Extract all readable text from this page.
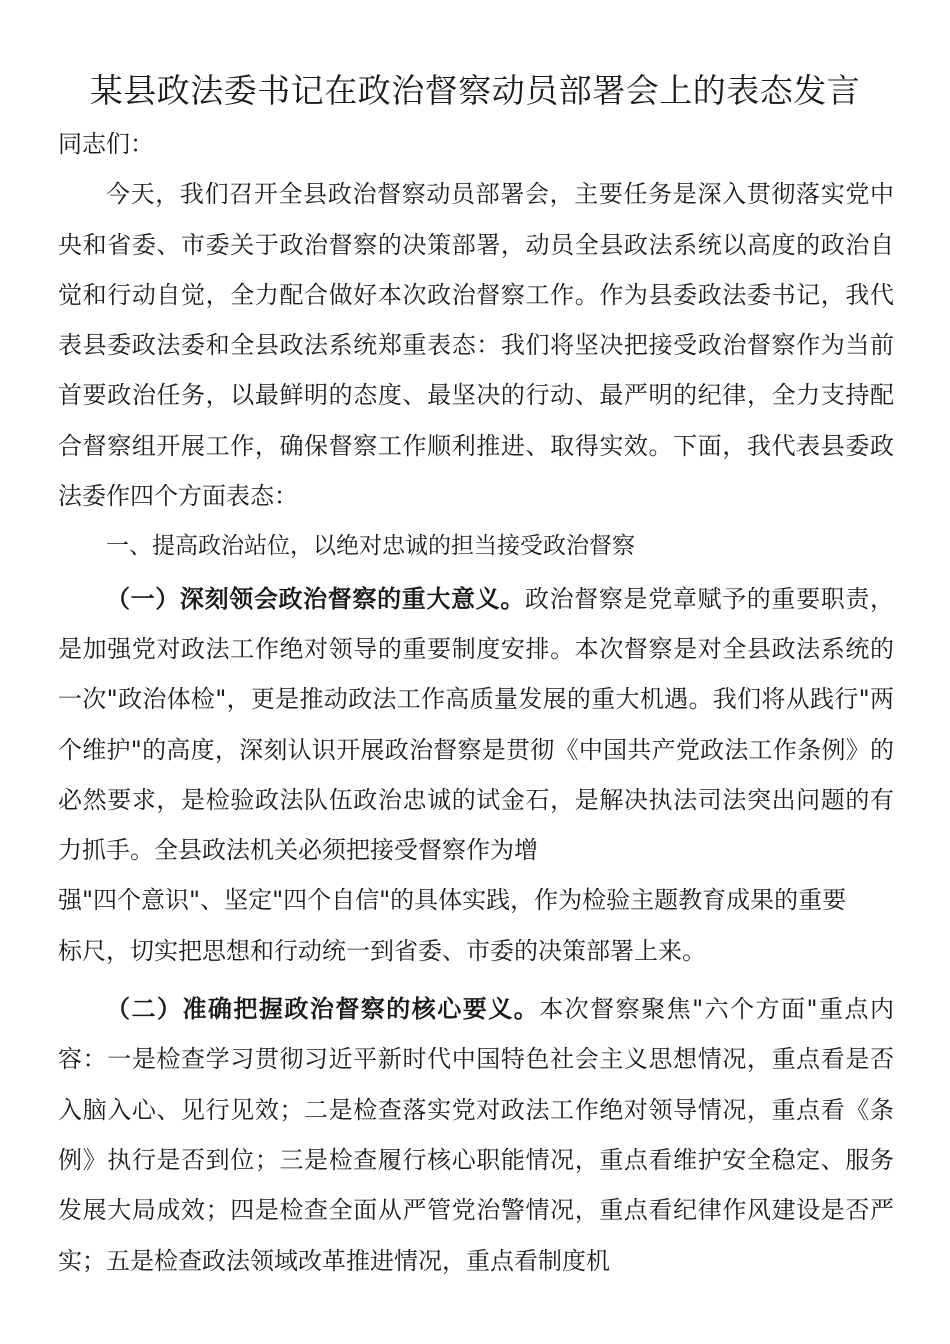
某县政法委书记在政治督察动员部署会上的表态发言

同志们：

今天，我们召开全县政治督察动员部署会，主要任务是深入贯彻落实党中央和省委、市委关于政治督察的决策部署，动员全县政法系统以高度的政治自觉和行动自觉，全力配合做好本次政治督察工作。作为县委政法委书记，我代表县委政法委和全县政法系统郑重表态：我们将坚决把接受政治督察作为当前首要政治任务，以最鲜明的态度、最坚决的行动、最严明的纪律，全力支持配合督察组开展工作，确保督察工作顺利推进、取得实效。下面，我代表县委政法委作四个方面表态：

一、提高政治站位，以绝对忠诚的担当接受政治督察

（一）深刻领会政治督察的重大意义。政治督察是党章赋予的重要职责，是加强党对政法工作绝对领导的重要制度安排。本次督察是对全县政法系统的一次"政治体检"，更是推动政法工作高质量发展的重大机遇。我们将从践行"两个维护"的高度，深刻认识开展政治督察是贯彻《中国共产党政法工作条例》的必然要求，是检验政法队伍政治忠诚的试金石，是解决执法司法突出问题的有力抓手。全县政法机关必须把接受督察作为增
强"四个意识"、坚定"四个自信"的具体实践，作为检验主题教育成果的重要
标尺，切实把思想和行动统一到省委、市委的决策部署上来。

（二）准确把握政治督察的核心要义。本次督察聚焦"六个方面"重点内容：一是检查学习贯彻习近平新时代中国特色社会主义思想情况，重点看是否入脑入心、见行见效；二是检查落实党对政法工作绝对领导情况，重点看《条例》执行是否到位；三是检查履行核心职能情况，重点看维护安全稳定、服务发展大局成效；四是检查全面从严管党治警情况，重点看纪律作风建设是否严实；五是检查政法领域改革推进情况，重点看制度机
